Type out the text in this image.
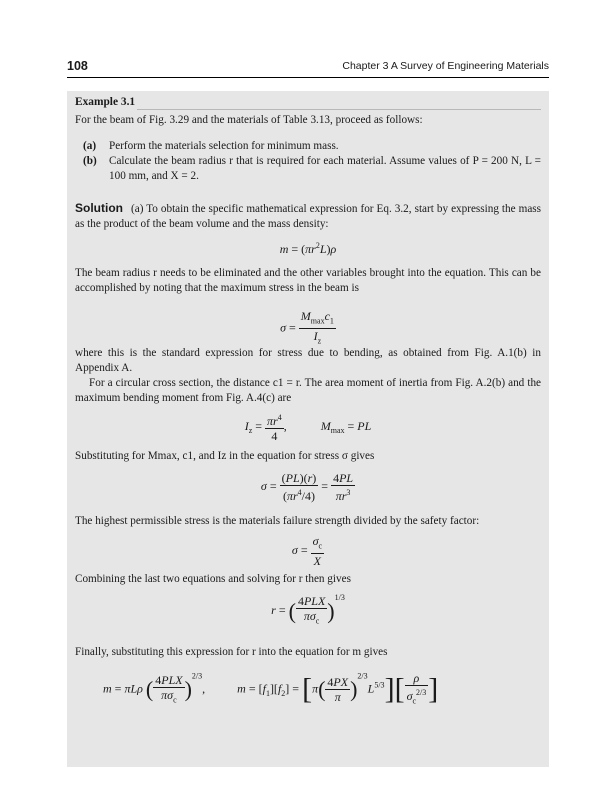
108	Chapter 3 A Survey of Engineering Materials
Example 3.1
For the beam of Fig. 3.29 and the materials of Table 3.13, proceed as follows:
(a)	Perform the materials selection for minimum mass.
(b)	Calculate the beam radius r that is required for each material. Assume values of P = 200 N, L = 100 mm, and X = 2.
Solution (a) To obtain the specific mathematical expression for Eq. 3.2, start by expressing the mass as the product of the beam volume and the mass density:
$m = (\pi r^2L)\rho$
The beam radius r needs to be eliminated and the other variables brought into the equation. This can be accomplished by noting that the maximum stress in the beam is
$\sigma = \frac{M_{max}c_1}{I_z}$
where this is the standard expression for stress due to bending, as obtained from Fig. A.1(b) in Appendix A.
For a circular cross section, the distance c1 = r. The area moment of inertia from Fig. A.2(b) and the maximum bending moment from Fig. A.4(c) are
$I_z = \frac{\pi r^4}{4}$ ,	$M_{max}$ = PL
Substituting for Mmax, c1, and Iz in the equation for stress σ gives
$\sigma = \frac{(PL)(r)}{(\pi r^4/4)} = \frac{4PL}{\pi r^3}$
The highest permissible stress is the materials failure strength divided by the safety factor:
$\sigma = \frac{\sigma_c}{X}$
Combining the last two equations and solving for r then gives
r = ( $\frac{\text{4PLX}}{\pi\sigma_c} )^{1/3}$
Finally, substituting this expression for r into the equation for m gives
m = πLρ ( $\frac{\text{4PLX}}{\pi\sigma_c} )^{2/3}$,  $m = [f_1][f_2] = [\pi( \frac{4PX}{\pi} )^{2/3}L^{5/3}][ \frac{\rho}{\sigma_c^{2/3}}$ ]
